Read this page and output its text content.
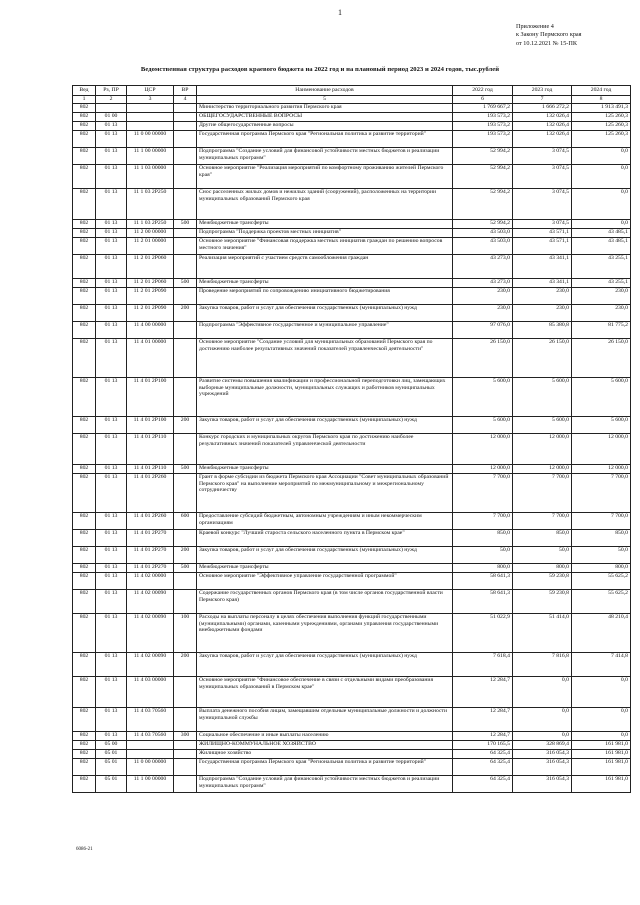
1
Приложение 4
к Закону Пермского края
от 10.12.2021 № 15-ПК
Ведомственная структура расходов краевого бюджета на 2022 год и на плановый период 2023 и 2024 годов, тыс.рублей
Вед	Рз, ПР	ЦСР	ВР	Наименование расходов	2022 год	2023 год	2024 год
1	2	3	4	5	6	7	8
802				Министерство территориального развития Пермского края	1 769 667,2	1 666 272,2	1 913 491,3
802	01 00			ОБЩЕГОСУДАРСТВЕННЫЕ ВОПРОСЫ	193 573,2	132 026,4	125 260,3
802	01 13			Другие общегосударственные вопросы	193 573,2	132 026,4	125 260,3
802	01 13	11 0 00 00000		Государственная программа Пермского края "Региональная политика и развитие территорий"	193 573,2	132 026,4	125 260,3
802	01 13	11 1 00 00000		Подпрограмма "Создание условий для финансовой устойчивости местных бюджетов и реализации муниципальных программ"	52 994,2	3 074,5	0,0
802	01 13	11 1 03 00000		Основное мероприятие "Реализация мероприятий по комфортному проживанию жителей Пермского края"	52 994,2	3 074,5	0,0
802	01 13	11 1 03 2P250		Снос расселенных жилых домов и нежилых зданий (сооружений), расположенных на территории муниципальных образований Пермского края	52 994,2	3 074,5	0,0
802	01 13	11 1 03 2P250	500	Межбюджетные трансферты	52 994,2	3 074,5	0,0
802	01 13	11 2 00 00000		Подпрограмма "Поддержка проектов местных инициатив"	43 503,0	43 571,1	43 485,1
802	01 13	11 2 01 00000		Основное мероприятие "Финансовая поддержка местных инициатив граждан по решению вопросов местного значения"	43 503,0	43 571,1	43 485,1
802	01 13	11 2 01 2P060		Реализация мероприятий с участием средств самообложения граждан	43 273,0	43 341,1	43 255,1
802	01 13	11 2 01 2P060	500	Межбюджетные трансферты	43 273,0	43 341,1	43 255,1
802	01 13	11 2 01 2P090		Проведение мероприятий по сопровождению инициативного бюджетирования	230,0	230,0	230,0
802	01 13	11 2 01 2P090	200	Закупка товаров, работ и услуг для обеспечения государственных (муниципальных) нужд	230,0	230,0	230,0
802	01 13	11 4 00 00000		Подпрограмма "Эффективное государственное и муниципальное управление"	97 076,0	85 380,8	81 775,2
802	01 13	11 4 01 00000		Основное мероприятие "Создание условий для муниципальных образований Пермского края по достижению наиболее результативных значений показателей управленческой деятельности"	26 150,0	26 150,0	26 150,0
802	01 13	11 4 01 2P100		Развитие системы повышения квалификации и профессиональной переподготовки лиц, замещающих выборные муниципальные должности, муниципальных служащих и работников муниципальных учреждений	5 600,0	5 600,0	5 600,0
802	01 13	11 4 01 2P100	200	Закупка товаров, работ и услуг для обеспечения государственных (муниципальных) нужд	5 600,0	5 600,0	5 600,0
802	01 13	11 4 01 2P110		Конкурс городских и муниципальных округов Пермского края по достижению наиболее результативных значений показателей управленческой деятельности	12 000,0	12 000,0	12 000,0
802	01 13	11 4 01 2P110	500	Межбюджетные трансферты	12 000,0	12 000,0	12 000,0
802	01 13	11 4 01 2P260		Грант в форме субсидии из бюджета Пермского края Ассоциации "Совет муниципальных образований Пермского края" на выполнение мероприятий по межмуниципальному и межрегиональному сотрудничеству	7 700,0	7 700,0	7 700,0
802	01 13	11 4 01 2P260	600	Предоставление субсидий бюджетным, автономным учреждениям и иным некоммерческим организациям	7 700,0	7 700,0	7 700,0
802	01 13	11 4 01 2P270		Краевой конкурс "Лучший староста сельского населенного пункта в Пермском крае"	850,0	850,0	850,0
802	01 13	11 4 01 2P270	200	Закупка товаров, работ и услуг для обеспечения государственных (муниципальных) нужд	50,0	50,0	50,0
802	01 13	11 4 01 2P270	500	Межбюджетные трансферты	800,0	800,0	800,0
802	01 13	11 4 02 00000		Основное мероприятие "Эффективное управление государственной программой"	58 641,3	59 230,8	55 625,2
802	01 13	11 4 02 00090		Содержание государственных органов Пермского края (в том числе органов государственной власти Пермского края)	58 641,3	59 230,8	55 625,2
802	01 13	11 4 02 00090	100	Расходы на выплаты персоналу в целях обеспечения выполнения функций государственными (муниципальными) органами, казенными учреждениями, органами управления государственными внебюджетными фондами	51 022,9	51 414,0	48 210,4
802	01 13	11 4 02 00090	200	Закупка товаров, работ и услуг для обеспечения государственных (муниципальных) нужд	7 618,4	7 816,8	7 414,8
802	01 13	11 4 03 00000		Основное мероприятие "Финансовое обеспечение в связи с отдельными видами преобразования муниципальных образований в Пермском крае"	12 284,7	0,0	0,0
802	01 13	11 4 03 70560		Выплата денежного пособия лицам, замещавшим отдельные муниципальные должности и должности муниципальной службы	12 284,7	0,0	0,0
802	01 13	11 4 03 70560	300	Социальное обеспечение и иные выплаты населению	12 284,7	0,0	0,0
802	05 00			ЖИЛИЩНО-КОММУНАЛЬНОЕ ХОЗЯЙСТВО	170 165,5	328 869,4	161 981,0
802	05 01			Жилищное хозяйство	64 325,4	316 054,3	161 981,0
802	05 01	11 0 00 00000		Государственная программа Пермского края "Региональная политика и развитие территорий"	64 325,4	316 054,3	161 981,0
802	05 01	11 1 00 00000		Подпрограмма "Создание условий для финансовой устойчивости местных бюджетов и реализации муниципальных программ"	64 325,4	316 054,3	161 981,0
6086-21
